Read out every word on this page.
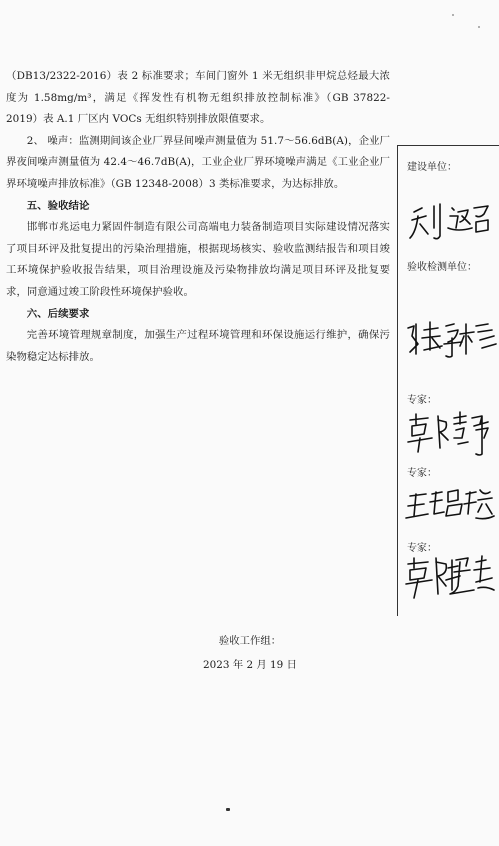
（DB13/2322-2016）表 2 标准要求；车间门窗外 1 米无组织非甲烷总烃最大浓度为 1.58mg/m³，满足《挥发性有机物无组织排放控制标准》（GB 37822-2019）表 A.1 厂区内 VOCs 无组织特别排放限值要求。

2、 噪声：监测期间该企业厂界昼间噪声测量值为 51.7～56.6dB(A)，企业厂界夜间噪声测量值为 42.4～46.7dB(A)，工业企业厂界环境噪声满足《工业企业厂界环境噪声排放标准》（GB 12348-2008）3 类标准要求，为达标排放。

五、验收结论

邯郸市兆运电力紧固件制造有限公司高端电力装备制造项目实际建设情况落实了项目环评及批复提出的污染治理措施，根据现场核实、验收监测结报告和项目竣工环境保护验收报告结果，项目治理设施及污染物排放均满足项目环评及批复要求，同意通过竣工阶段性环境保护验收。

六、后续要求

完善环境管理规章制度，加强生产过程环境管理和环保设施运行维护，确保污染物稳定达标排放。

建设单位：
验收检测单位：
专家：
专家：
专家：
验收工作组：
2023 年 2 月 19 日
